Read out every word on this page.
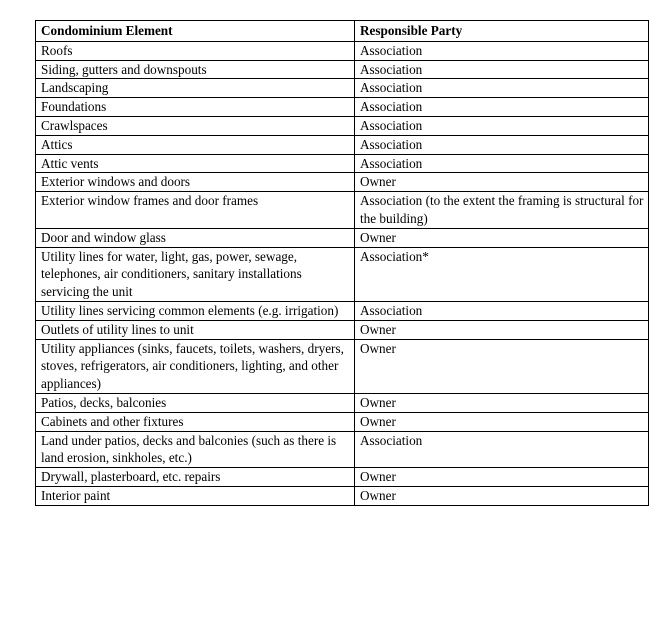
Condominium Element	Responsible Party
Roofs	Association
Siding, gutters and downspouts	Association
Landscaping	Association
Foundations	Association
Crawlspaces	Association
Attics	Association
Attic vents	Association
Exterior windows and doors	Owner
Exterior window frames and door frames	Association (to the extent the framing is structural for the building)
Door and window glass	Owner
Utility lines for water, light, gas, power, sewage, telephones, air conditioners, sanitary installations servicing the unit	Association*
Utility lines servicing common elements (e.g. irrigation)	Association
Outlets of utility lines to unit	Owner
Utility appliances (sinks, faucets, toilets, washers, dryers, stoves, refrigerators, air conditioners, lighting, and other appliances)	Owner
Patios, decks, balconies	Owner
Cabinets and other fixtures	Owner
Land under patios, decks and balconies (such as there is land erosion, sinkholes, etc.)	Association
Drywall, plasterboard, etc. repairs	Owner
Interior paint	Owner
